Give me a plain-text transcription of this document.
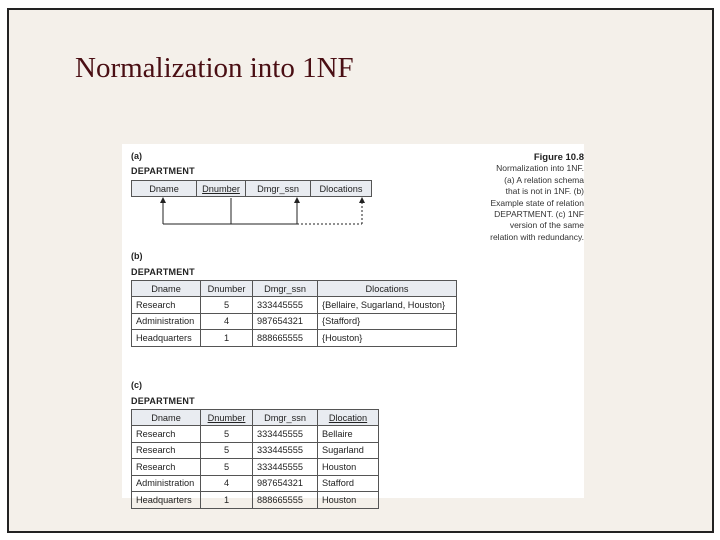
Normalization into 1NF
Figure 10.8
Normalization into 1NF.
(a) A relation schema
that is not in 1NF. (b)
Example state of relation
DEPARTMENT. (c) 1NF
version of the same
relation with redundancy.
(a)
DEPARTMENT
Dname	Dnumber	Dmgr_ssn	Dlocations
(b)
DEPARTMENT
Dname	Dnumber	Dmgr_ssn	Dlocations
Research	5	333445555	{Bellaire, Sugarland, Houston}
Administration	4	987654321	{Stafford}
Headquarters	1	888665555	{Houston}
(c)
DEPARTMENT
Dname	Dnumber	Dmgr_ssn	Dlocation
Research	5	333445555	Bellaire
Research	5	333445555	Sugarland
Research	5	333445555	Houston
Administration	4	987654321	Stafford
Headquarters	1	888665555	Houston
